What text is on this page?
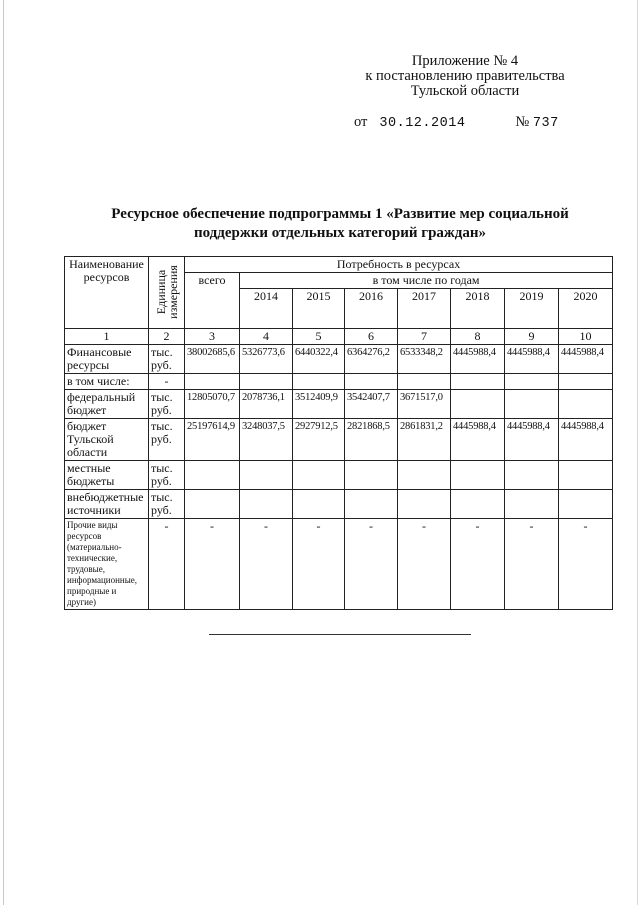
Приложение № 4
к постановлению правительства
Тульской области
от 30.12.2014	№ 737
Ресурсное обеспечение подпрограммы 1 «Развитие мер социальной
поддержки отдельных категорий граждан»
Наименование ресурсов	Единица измерения	Потребность в ресурсах							
		всего	в том числе по годам						
			2014	2015	2016	2017	2018	2019	2020
1	2	3	4	5	6	7	8	9	10
Финансовые ресурсы	тыс. руб.	38002685,6	5326773,6	6440322,4	6364276,2	6533348,2	4445988,4	4445988,4	4445988,4
в том числе:	-								
федеральный бюджет	тыс. руб.	12805070,7	2078736,1	3512409,9	3542407,7	3671517,0			
бюджет Тульской области	тыс. руб.	25197614,9	3248037,5	2927912,5	2821868,5	2861831,2	4445988,4	4445988,4	4445988,4
местные бюджеты	тыс. руб.								
внебюджетные источники	тыс. руб.								
Прочие виды ресурсов (материально-технические, трудовые, информационные, природные и другие)	-	-	-	-	-	-	-	-	-
